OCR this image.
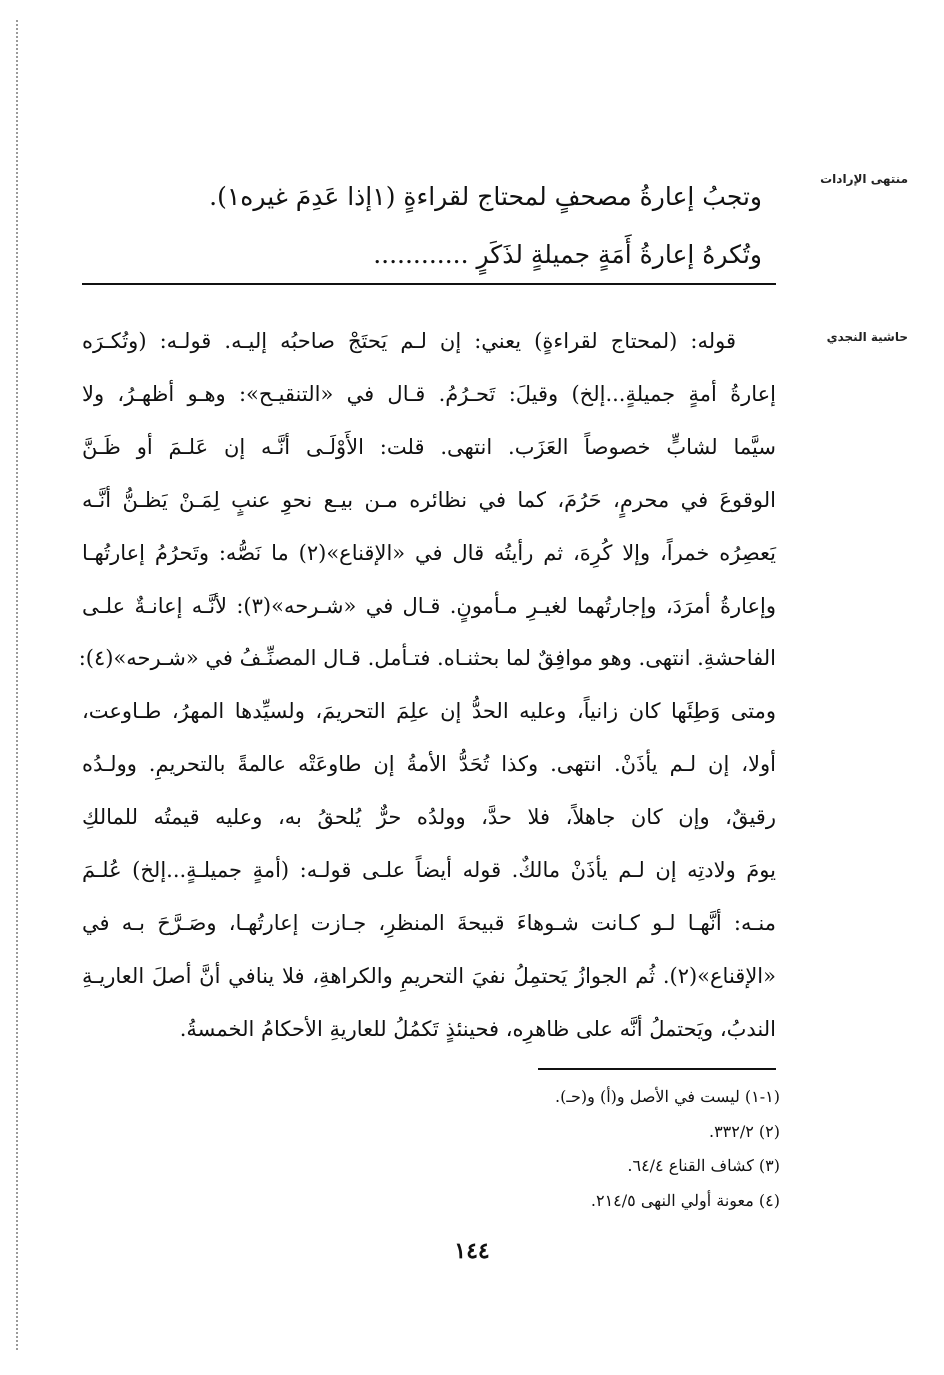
منتهى الإرادات
حاشية النجدي
وتجبُ إعارةُ مصحفٍ لمحتاج لقراءةٍ (١إذا عَدِمَ غيره١).
وتُكرهُ إعارةُ أَمَةٍ جميلةٍ لذَكَرٍ ............
قوله: (لمحتاج لقراءةٍ) يعني: إن لـم يَحتَجْ صاحبُه إليـه. قولـه: (وتُكـرَه
إعارةُ أمةٍ جميلةٍ...إلخ) وقيلَ: تَحـرُمُ. قـال في «التنقيـح»: وهـو أظهـرُ، ولا
سيَّما لشابٍّ خصوصاً العَزَب. انتهى. قلت: الأَوْلَـى أنَّـه إن عَلـمَ أو ظَـنَّ
الوقوعَ في محرمٍ، حَرُمَ، كما في نظائره مـن بيـع نحوِ عنبٍ لِمَـنْ يَظـنُّ أنَّـه
يَعصِرُه خمراً، وإلا كُرِهَ، ثم رأيتُه قال في «الإقناع»(٢) ما نَصُّه: وتَحرُمُ إعارتُهـا
وإعارةُ أمرَدَ، وإجارتُهما لغيـرِ مـأمونٍ. قـال في «شـرحه»(٣): لأنَّـه إعانـةٌ علـى
الفاحشةِ. انتهى. وهو موافِقٌ لما بحثنـاه. فتـأمل. قـال المصنِّـفُ في «شـرحه»(٤):
ومتى وَطِئَها كان زانياً، وعليه الحدُّ إن علِمَ التحريمَ، ولسيِّدها المهرُ، طـاوعت،
أولا، إن لـم يأذَنْ. انتهى. وكذا تُحَدُّ الأمةُ إن طاوعَتْه عالمةً بالتحريمِ. وولـدُه
رقيقٌ، وإن كان جاهلاً، فلا حدَّ، وولدُه حرٌّ يُلحقُ به، وعليه قيمتُه للمالكِ
يومَ ولادتِه إن لـم يأذَنْ مالكٌ. قوله أيضاً علـى قولـه: (أمةٍ جميلـةٍ...إلخ) عُلـمَ
منـه: أنَّهـا لـو كـانت شـوهاءَ قبيحةَ المنظرِ، جـازت إعارتُهـا، وصَـرَّحَ بـه في
«الإقناع»(٢). ثُم الجوازُ يَحتمِلُ نفيَ التحريمِ والكراهةِ، فلا ينافي أنَّ أصلَ العاريـةِ
الندبُ، ويَحتملُ أنَّه على ظاهرِه، فحينئذٍ تَكمُلُ للعاريةِ الأحكامُ الخمسةُ.
(١-١) ليست في الأصل و(أ) و(حـ).
(٢) ٣٣٢/٢.
(٣) كشاف القناع ٦٤/٤.
(٤) معونة أولي النهى ٢١٤/٥.
١٤٤
